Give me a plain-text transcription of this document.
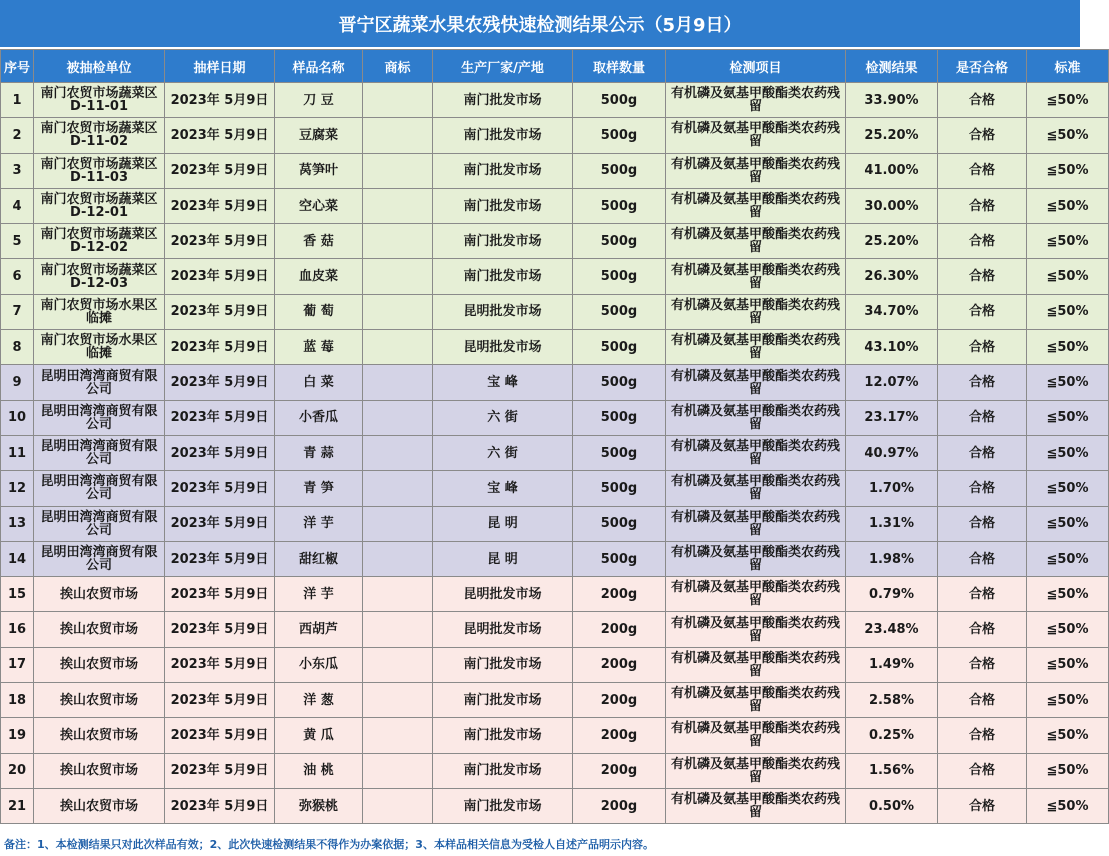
晋宁区蔬菜水果农残快速检测结果公示（5月9日）
序号	被抽检单位	抽样日期	样品名称	商标	生产厂家/产地	取样数量	检测项目	检测结果	是否合格	标准
1	南门农贸市场蔬菜区D-11-01	2023年 5月9日	刀 豆		南门批发市场	500g	有机磷及氨基甲酸酯类农药残留	33.90%	合格	≦50%
2	南门农贸市场蔬菜区D-11-02	2023年 5月9日	豆腐菜		南门批发市场	500g	有机磷及氨基甲酸酯类农药残留	25.20%	合格	≦50%
3	南门农贸市场蔬菜区D-11-03	2023年 5月9日	莴笋叶		南门批发市场	500g	有机磷及氨基甲酸酯类农药残留	41.00%	合格	≦50%
4	南门农贸市场蔬菜区D-12-01	2023年 5月9日	空心菜		南门批发市场	500g	有机磷及氨基甲酸酯类农药残留	30.00%	合格	≦50%
5	南门农贸市场蔬菜区D-12-02	2023年 5月9日	香 菇		南门批发市场	500g	有机磷及氨基甲酸酯类农药残留	25.20%	合格	≦50%
6	南门农贸市场蔬菜区D-12-03	2023年 5月9日	血皮菜		南门批发市场	500g	有机磷及氨基甲酸酯类农药残留	26.30%	合格	≦50%
7	南门农贸市场水果区临摊	2023年 5月9日	葡 萄		昆明批发市场	500g	有机磷及氨基甲酸酯类农药残留	34.70%	合格	≦50%
8	南门农贸市场水果区临摊	2023年 5月9日	蓝 莓		昆明批发市场	500g	有机磷及氨基甲酸酯类农药残留	43.10%	合格	≦50%
9	昆明田湾湾商贸有限公司	2023年 5月9日	白 菜		宝 峰	500g	有机磷及氨基甲酸酯类农药残留	12.07%	合格	≦50%
10	昆明田湾湾商贸有限公司	2023年 5月9日	小香瓜		六 街	500g	有机磷及氨基甲酸酯类农药残留	23.17%	合格	≦50%
11	昆明田湾湾商贸有限公司	2023年 5月9日	青 蒜		六 街	500g	有机磷及氨基甲酸酯类农药残留	40.97%	合格	≦50%
12	昆明田湾湾商贸有限公司	2023年 5月9日	青 笋		宝 峰	500g	有机磷及氨基甲酸酯类农药残留	1.70%	合格	≦50%
13	昆明田湾湾商贸有限公司	2023年 5月9日	洋 芋		昆 明	500g	有机磷及氨基甲酸酯类农药残留	1.31%	合格	≦50%
14	昆明田湾湾商贸有限公司	2023年 5月9日	甜红椒		昆 明	500g	有机磷及氨基甲酸酯类农药残留	1.98%	合格	≦50%
15	挨山农贸市场	2023年 5月9日	洋 芋		昆明批发市场	200g	有机磷及氨基甲酸酯类农药残留	0.79%	合格	≦50%
16	挨山农贸市场	2023年 5月9日	西胡芦		昆明批发市场	200g	有机磷及氨基甲酸酯类农药残留	23.48%	合格	≦50%
17	挨山农贸市场	2023年 5月9日	小东瓜		南门批发市场	200g	有机磷及氨基甲酸酯类农药残留	1.49%	合格	≦50%
18	挨山农贸市场	2023年 5月9日	洋 葱		南门批发市场	200g	有机磷及氨基甲酸酯类农药残留	2.58%	合格	≦50%
19	挨山农贸市场	2023年 5月9日	黄 瓜		南门批发市场	200g	有机磷及氨基甲酸酯类农药残留	0.25%	合格	≦50%
20	挨山农贸市场	2023年 5月9日	油 桃		南门批发市场	200g	有机磷及氨基甲酸酯类农药残留	1.56%	合格	≦50%
21	挨山农贸市场	2023年 5月9日	弥猴桃		南门批发市场	200g	有机磷及氨基甲酸酯类农药残留	0.50%	合格	≦50%
备注：1、本检测结果只对此次样品有效；2、此次快速检测结果不得作为办案依据；3、本样品相关信息为受检人自述产品明示内容。
